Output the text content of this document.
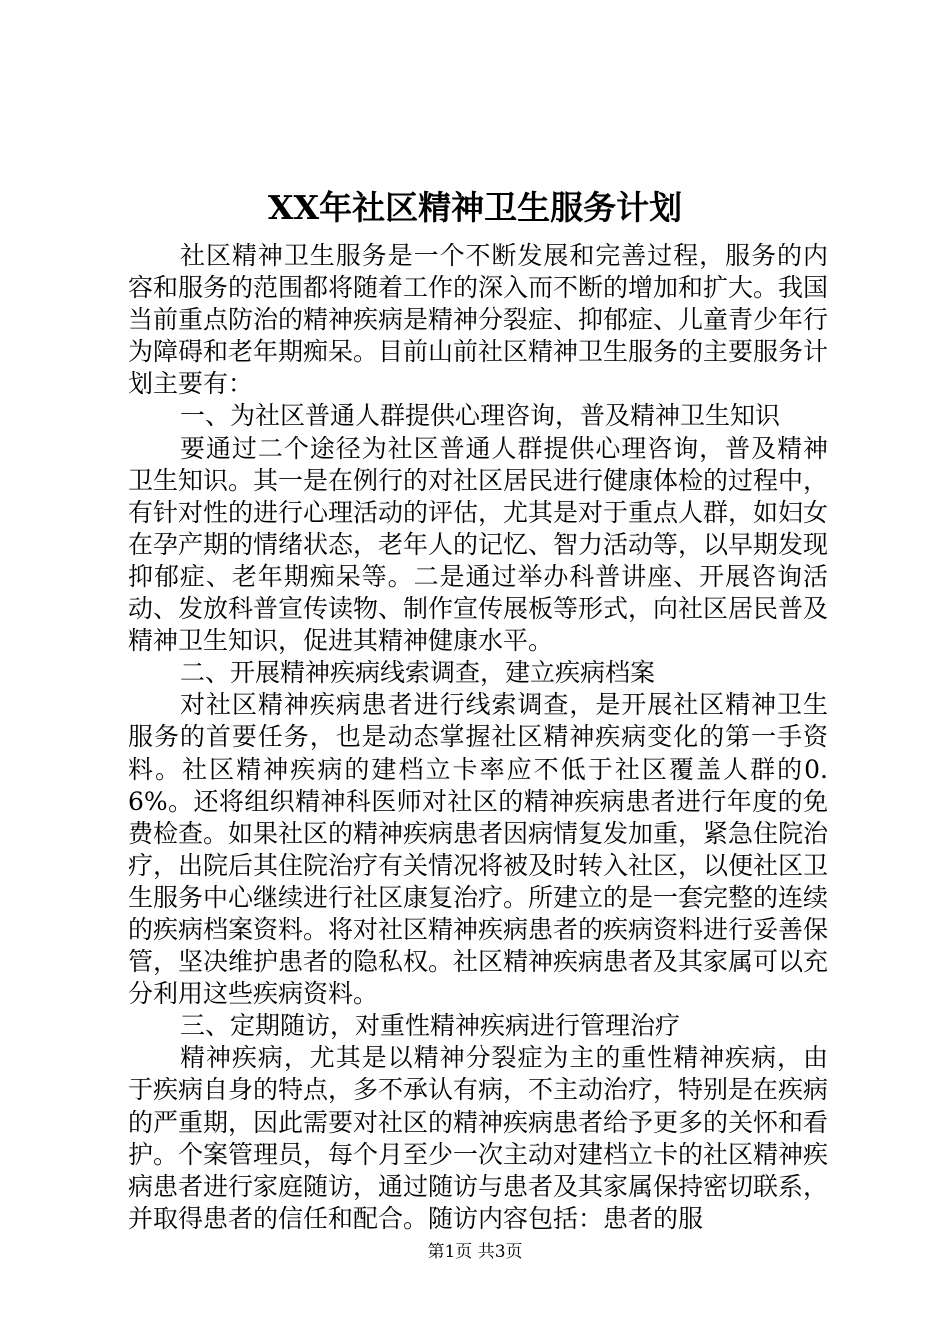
XX年社区精神卫生服务计划

社区精神卫生服务是一个不断发展和完善过程，服务的内容和服务的范围都将随着工作的深入而不断的增加和扩大。我国当前重点防治的精神疾病是精神分裂症、抑郁症、儿童青少年行为障碍和老年期痴呆。目前山前社区精神卫生服务的主要服务计划主要有：

一、为社区普通人群提供心理咨询，普及精神卫生知识

要通过二个途径为社区普通人群提供心理咨询，普及精神卫生知识。其一是在例行的对社区居民进行健康体检的过程中，有针对性的进行心理活动的评估，尤其是对于重点人群，如妇女在孕产期的情绪状态，老年人的记忆、智力活动等，以早期发现抑郁症、老年期痴呆等。二是通过举办科普讲座、开展咨询活动、发放科普宣传读物、制作宣传展板等形式，向社区居民普及精神卫生知识，促进其精神健康水平。

二、开展精神疾病线索调查，建立疾病档案

对社区精神疾病患者进行线索调查，是开展社区精神卫生服务的首要任务，也是动态掌握社区精神疾病变化的第一手资料。社区精神疾病的建档立卡率应不低于社区覆盖人群的0.6%。还将组织精神科医师对社区的精神疾病患者进行年度的免费检查。如果社区的精神疾病患者因病情复发加重，紧急住院治疗，出院后其住院治疗有关情况将被及时转入社区，以便社区卫生服务中心继续进行社区康复治疗。所建立的是一套完整的连续的疾病档案资料。将对社区精神疾病患者的疾病资料进行妥善保管，坚决维护患者的隐私权。社区精神疾病患者及其家属可以充分利用这些疾病资料。

三、定期随访，对重性精神疾病进行管理治疗

精神疾病，尤其是以精神分裂症为主的重性精神疾病，由于疾病自身的特点，多不承认有病，不主动治疗，特别是在疾病的严重期，因此需要对社区的精神疾病患者给予更多的关怀和看护。个案管理员，每个月至少一次主动对建档立卡的社区精神疾病患者进行家庭随访，通过随访与患者及其家属保持密切联系，并取得患者的信任和配合。随访内容包括：患者的服

第1页 共3页
